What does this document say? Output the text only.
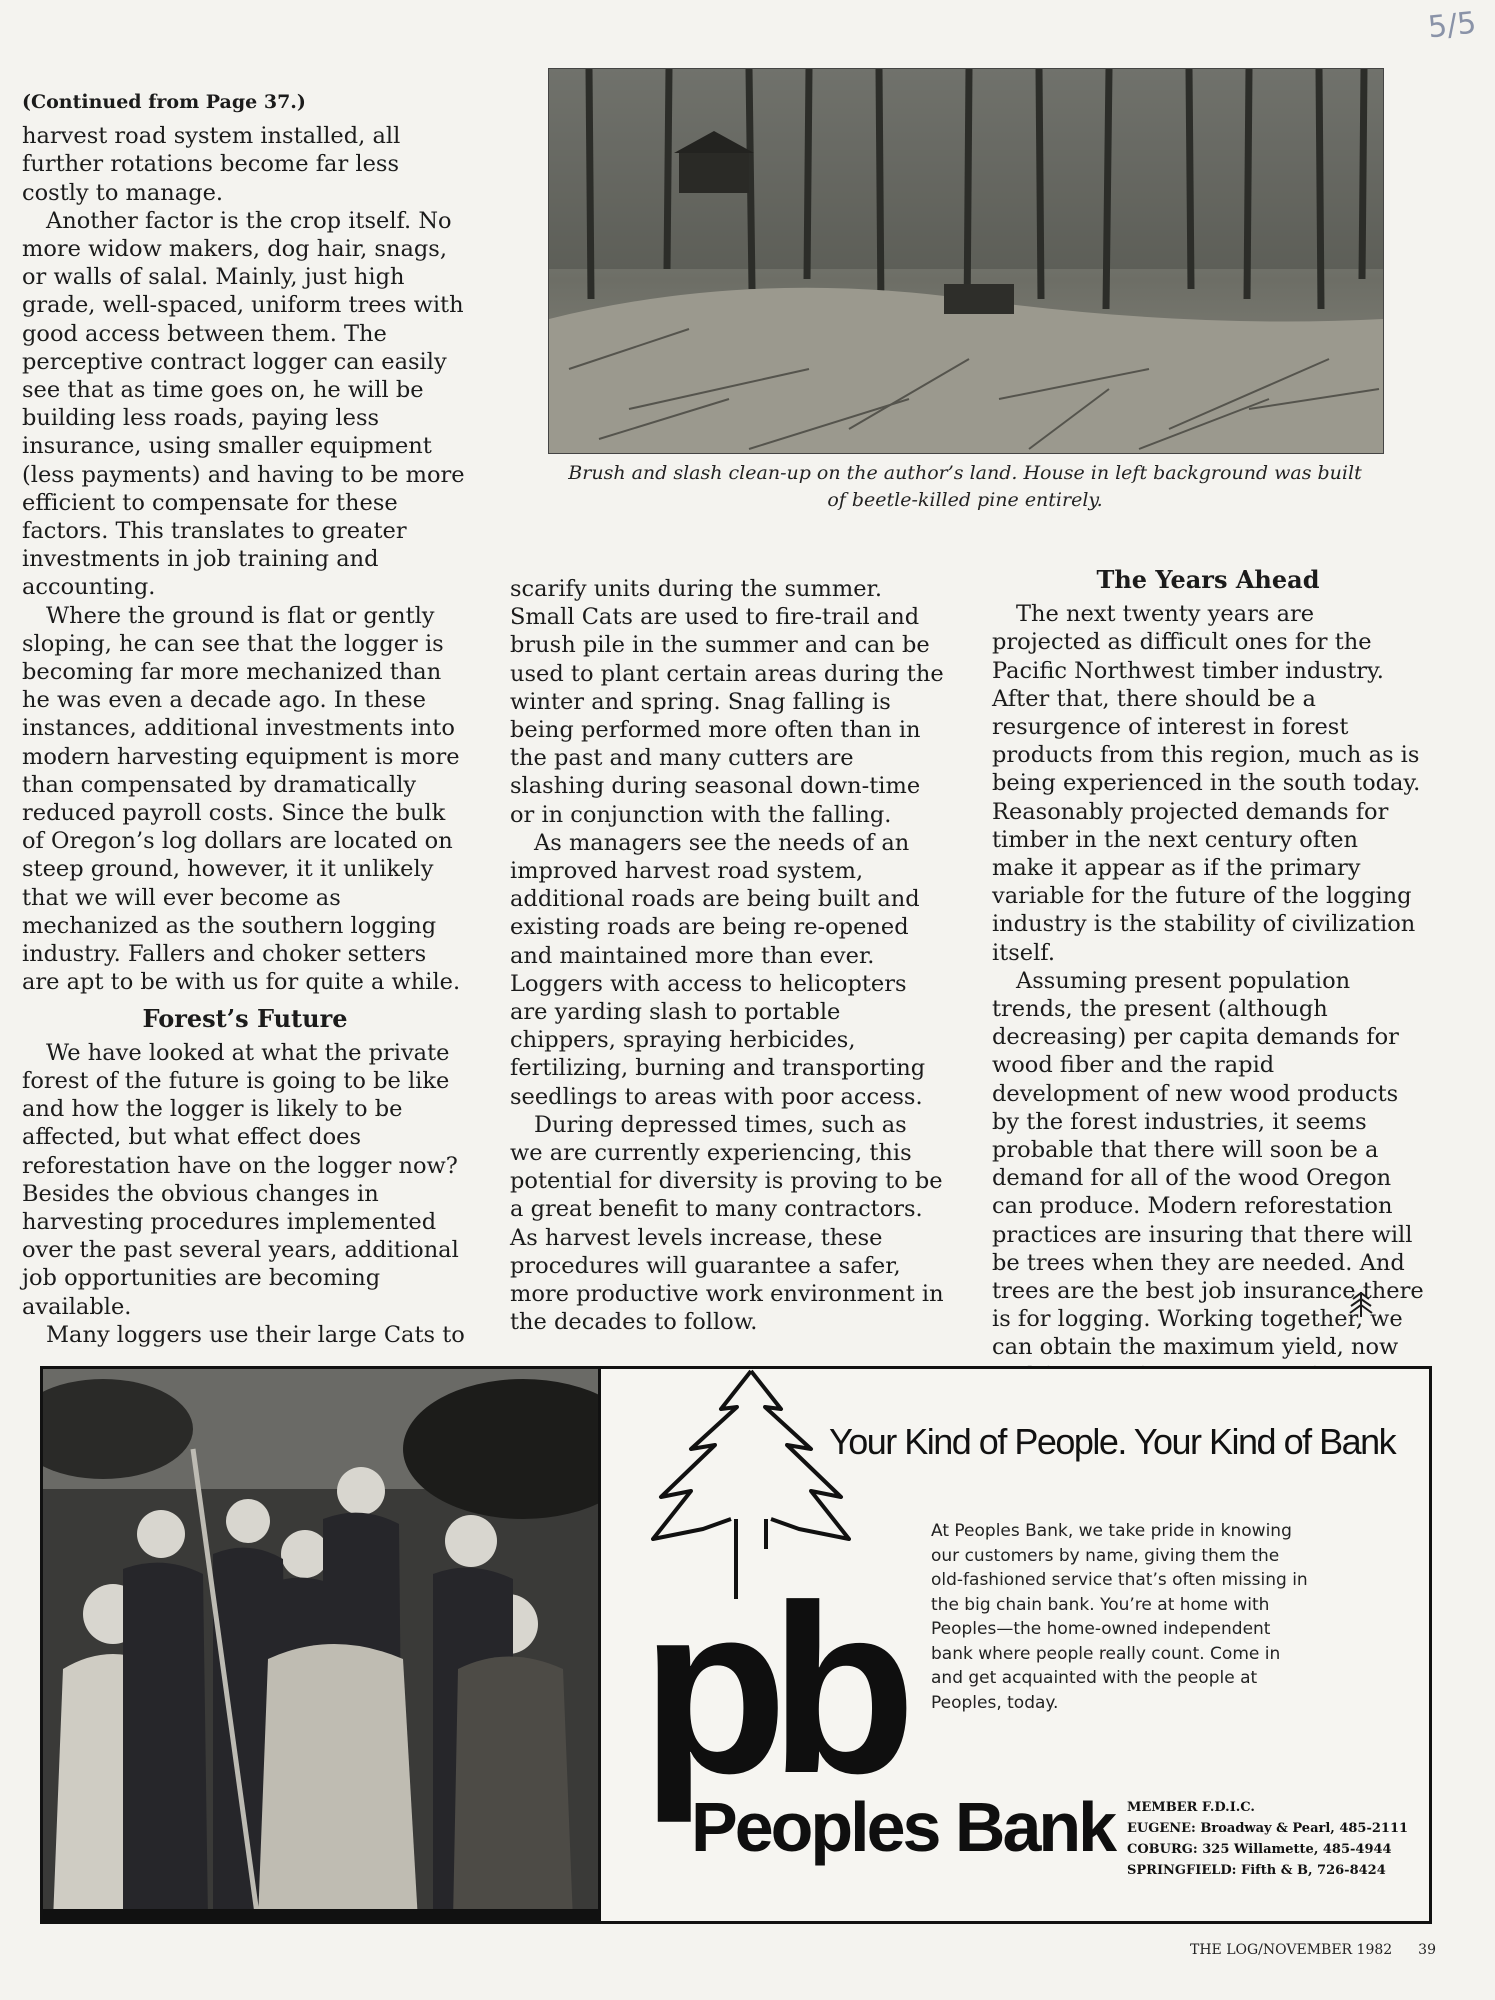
5/5
(Continued from Page 37.)

harvest road system installed, all further rotations become far less costly to manage.

Another factor is the crop itself. No more widow makers, dog hair, snags, or walls of salal. Mainly, just high grade, well-spaced, uniform trees with good access between them. The perceptive contract logger can easily see that as time goes on, he will be building less roads, paying less insurance, using smaller equipment (less payments) and having to be more efficient to compensate for these factors. This translates to greater investments in job training and accounting.

Where the ground is flat or gently sloping, he can see that the logger is becoming far more mechanized than he was even a decade ago. In these instances, additional investments into modern harvesting equipment is more than compensated by dramatically reduced payroll costs. Since the bulk of Oregon’s log dollars are located on steep ground, however, it it unlikely that we will ever become as mechanized as the southern logging industry. Fallers and choker setters are apt to be with us for quite a while.

Forest’s Future

We have looked at what the private forest of the future is going to be like and how the logger is likely to be affected, but what effect does reforestation have on the logger now? Besides the obvious changes in harvesting procedures implemented over the past several years, additional job opportunities are becoming available.

Many loggers use their large Cats to

Brush and slash clean-up on the author’s land. House in left background was built of beetle-killed pine entirely.

scarify units during the summer. Small Cats are used to fire-trail and brush pile in the summer and can be used to plant certain areas during the winter and spring. Snag falling is being performed more often than in the past and many cutters are slashing during seasonal down-time or in conjunction with the falling.

As managers see the needs of an improved harvest road system, additional roads are being built and existing roads are being re-opened and maintained more than ever. Loggers with access to helicopters are yarding slash to portable chippers, spraying herbicides, fertilizing, burning and transporting seedlings to areas with poor access.

During depressed times, such as we are currently experiencing, this potential for diversity is proving to be a great benefit to many contractors. As harvest levels increase, these procedures will guarantee a safer, more productive work environment in the decades to follow.

The Years Ahead

The next twenty years are projected as difficult ones for the Pacific Northwest timber industry. After that, there should be a resurgence of interest in forest products from this region, much as is being experienced in the south today. Reasonably projected demands for timber in the next century often make it appear as if the primary variable for the future of the logging industry is the stability of civilization itself.

Assuming present population trends, the present (although decreasing) per capita demands for wood fiber and the rapid development of new wood products by the forest industries, it seems probable that there will soon be a demand for all of the wood Oregon can produce. Modern reforestation practices are insuring that there will be trees when they are needed. And trees are the best job insurance there is for logging. Working together, we can obtain the maximum yield, now

Your Kind of People. Your Kind of Bank
At Peoples Bank, we take pride in knowing our customers by name, giving them the old-fashioned service that’s often missing in the big chain bank. You’re at home with Peoples—the home-owned independent bank where people really count. Come in and get acquainted with the people at Peoples, today.
pb
Peoples Bank MEMBER F.D.I.C.
EUGENE: Broadway & Pearl, 485-2111
COBURG: 325 Willamette, 485-4944
SPRINGFIELD: Fifth & B, 726-8424
THE LOG/NOVEMBER 1982 39
